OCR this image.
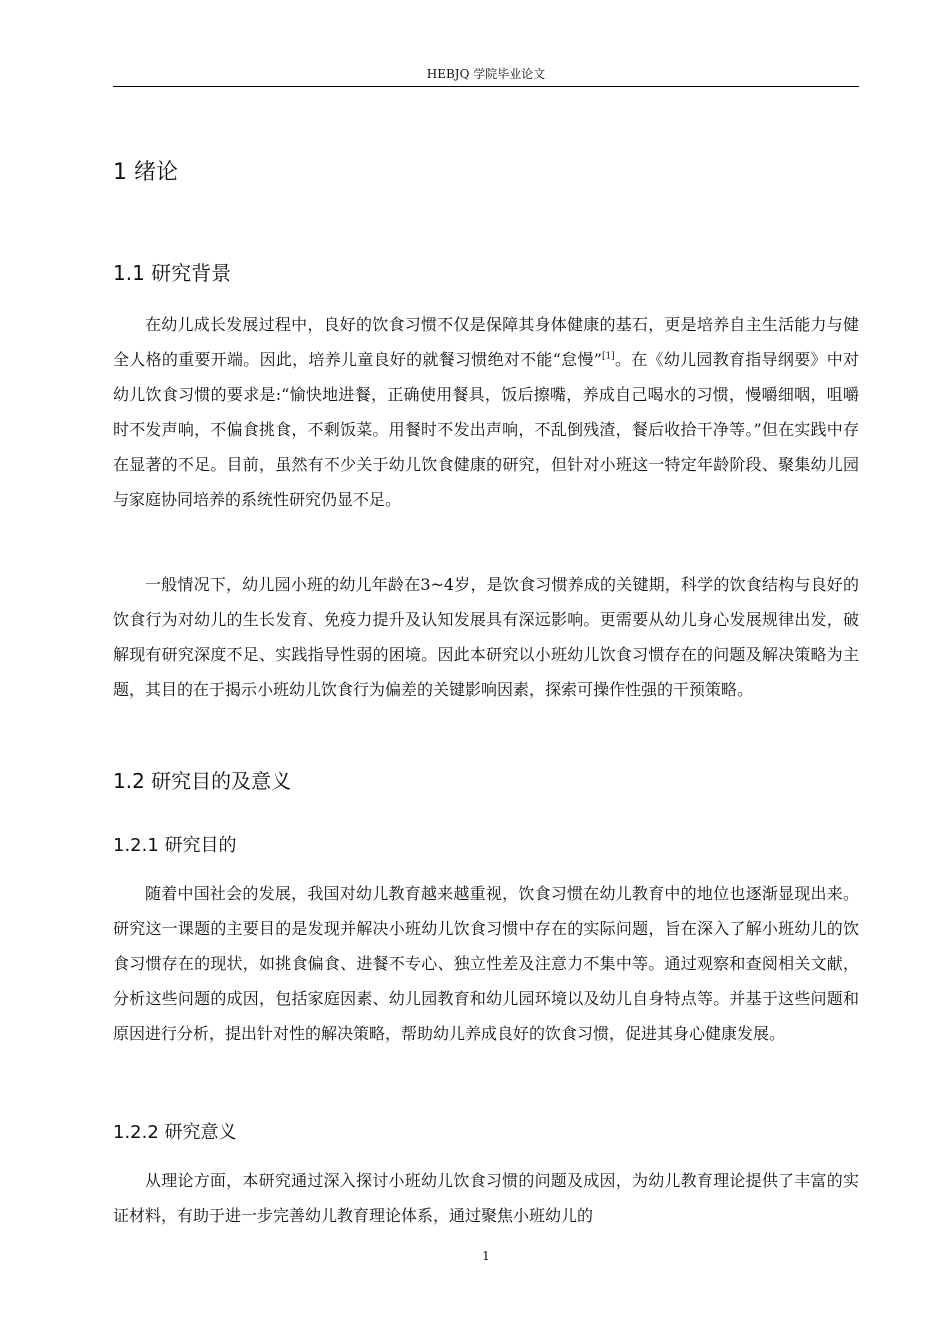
HEBJQ 学院毕业论文
1 绪论
1.1 研究背景

在幼儿成长发展过程中，良好的饮食习惯不仅是保障其身体健康的基石，更是培养自主生活能力与健全人格的重要开端。因此，培养儿童良好的就餐习惯绝对不能“怠慢”[1]。在《幼儿园教育指导纲要》中对幼儿饮食习惯的要求是:“愉快地进餐，正确使用餐具，饭后擦嘴，养成自己喝水的习惯，慢嚼细咽，咀嚼时不发声响，不偏食挑食，不剩饭菜。用餐时不发出声响，不乱倒残渣，餐后收拾干净等。”但在实践中存在显著的不足。目前，虽然有不少关于幼儿饮食健康的研究，但针对小班这一特定年龄阶段、聚集幼儿园与家庭协同培养的系统性研究仍显不足。

一般情况下，幼儿园小班的幼儿年龄在3~4岁，是饮食习惯养成的关键期，科学的饮食结构与良好的饮食行为对幼儿的生长发育、免疫力提升及认知发展具有深远影响。更需要从幼儿身心发展规律出发，破解现有研究深度不足、实践指导性弱的困境。因此本研究以小班幼儿饮食习惯存在的问题及解决策略为主题，其目的在于揭示小班幼儿饮食行为偏差的关键影响因素，探索可操作性强的干预策略。

1.2 研究目的及意义
1.2.1 研究目的

随着中国社会的发展，我国对幼儿教育越来越重视，饮食习惯在幼儿教育中的地位也逐渐显现出来。研究这一课题的主要目的是发现并解决小班幼儿饮食习惯中存在的实际问题，旨在深入了解小班幼儿的饮食习惯存在的现状，如挑食偏食、进餐不专心、独立性差及注意力不集中等。通过观察和查阅相关文献，分析这些问题的成因，包括家庭因素、幼儿园教育和幼儿园环境以及幼儿自身特点等。并基于这些问题和原因进行分析，提出针对性的解决策略，帮助幼儿养成良好的饮食习惯，促进其身心健康发展。

1.2.2 研究意义

从理论方面，本研究通过深入探讨小班幼儿饮食习惯的问题及成因，为幼儿教育理论提供了丰富的实证材料，有助于进一步完善幼儿教育理论体系，通过聚焦小班幼儿的

1
